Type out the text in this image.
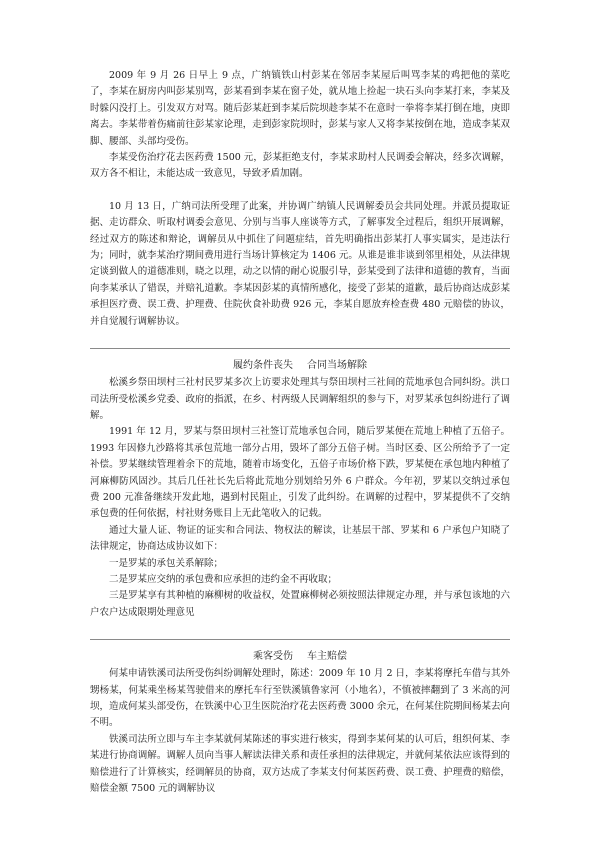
2009 年 9 月 26 日早上 9 点，广纳镇铁山村彭某在邻居李某屋后叫骂李某的鸡把他的菜吃了，李某在厨房内叫彭某别骂，彭某看到李某在窗子处，就从地上捡起一块石头向李某打来，李某及时躲闪没打上。引发双方对骂。随后彭某赶到李某后院坝趁李某不在意时一拳将李某打倒在地，庚即离去。李某带着伤痛前往彭某家论理，走到彭家院坝时，彭某与家人又将李某按倒在地，造成李某双脚、腰部、头部均受伤。

李某受伤治疗花去医药费 1500 元，彭某拒绝支付，李某求助村人民调委会解决，经多次调解，双方各不相让，未能达成一致意见，导致矛盾加剧。

10 月 13 日，广纳司法所受理了此案，并协调广纳镇人民调解委员会共同处理。并派员提取证据、走访群众、听取村调委会意见、分别与当事人座谈等方式，了解事发全过程后，组织开展调解，经过双方的陈述和辩论，调解员从中抓住了问题症结，首先明确指出彭某打人事实属实，是违法行为；同时，就李某治疗期间费用进行当场计算核定为 1406 元。从谁是谁非谈到邻里相处，从法律规定谈到做人的道德准则，晓之以理，动之以情的耐心说服引导，彭某受到了法律和道德的教育，当面向李某承认了错误，并赔礼道歉。李某因彭某的真情所感化，接受了彭某的道歉，最后协商达成彭某承担医疗费、误工费、护理费、住院伙食补助费 926 元，李某自愿放弃检查费 480 元赔偿的协议，并自觉履行调解协议。

履约条件丧失 合同当场解除

松溪乡祭田坝村三社村民罗某多次上访要求处理其与祭田坝村三社间的荒地承包合同纠纷。洪口司法所受松溪乡党委、政府的指派，在乡、村两级人民调解组织的参与下，对罗某承包纠纷进行了调解。

1991 年 12 月，罗某与祭田坝村三社签订荒地承包合同，随后罗某便在荒地上种植了五倍子。1993 年因修九沙路将其承包荒地一部分占用，毁坏了部分五倍子树。当时区委、区公所给予了一定补偿。罗某继续管理着余下的荒地，随着市场变化，五倍子市场价格下跌，罗某便在承包地内种植了河麻柳防风固沙。其后几任社长先后将此荒地分别划给另外 6 户群众。今年初，罗某以交纳过承包费 200 元准备继续开发此地，遇到村民阻止，引发了此纠纷。在调解的过程中，罗某提供不了交纳承包费的任何依据，村社财务账目上无此笔收入的记载。

通过大量人证、物证的证实和合同法、物权法的解读，让基层干部、罗某和 6 户承包户知晓了法律规定，协商达成协议如下：

一是罗某的承包关系解除；

二是罗某应交纳的承包费和应承担的违约金不再收取；

三是罗某享有其种植的麻柳树的收益权，处置麻柳树必须按照法律规定办理，并与承包该地的六户农户达成限期处理意见

乘客受伤 车主赔偿

何某申请铁溪司法所受伤纠纷调解处理时，陈述：2009 年 10 月 2 日，李某将摩托车借与其外甥杨某，何某乘坐杨某驾驶借来的摩托车行至铁溪镇鲁家河（小地名），不慎被摔翻到了 3 米高的河坝，造成何某头部受伤，在铁溪中心卫生医院治疗花去医药费 3000 余元，在何某住院期间杨某去向不明。

铁溪司法所立即与车主李某就何某陈述的事实进行核实，得到李某何某的认可后，组织何某、李某进行协商调解。调解人员向当事人解读法律关系和责任承担的法律规定，并就何某依法应该得到的赔偿进行了计算核实，经调解员的协商，双方达成了李某支付何某医药费、误工费、护理费的赔偿，赔偿金额 7500 元的调解协议
